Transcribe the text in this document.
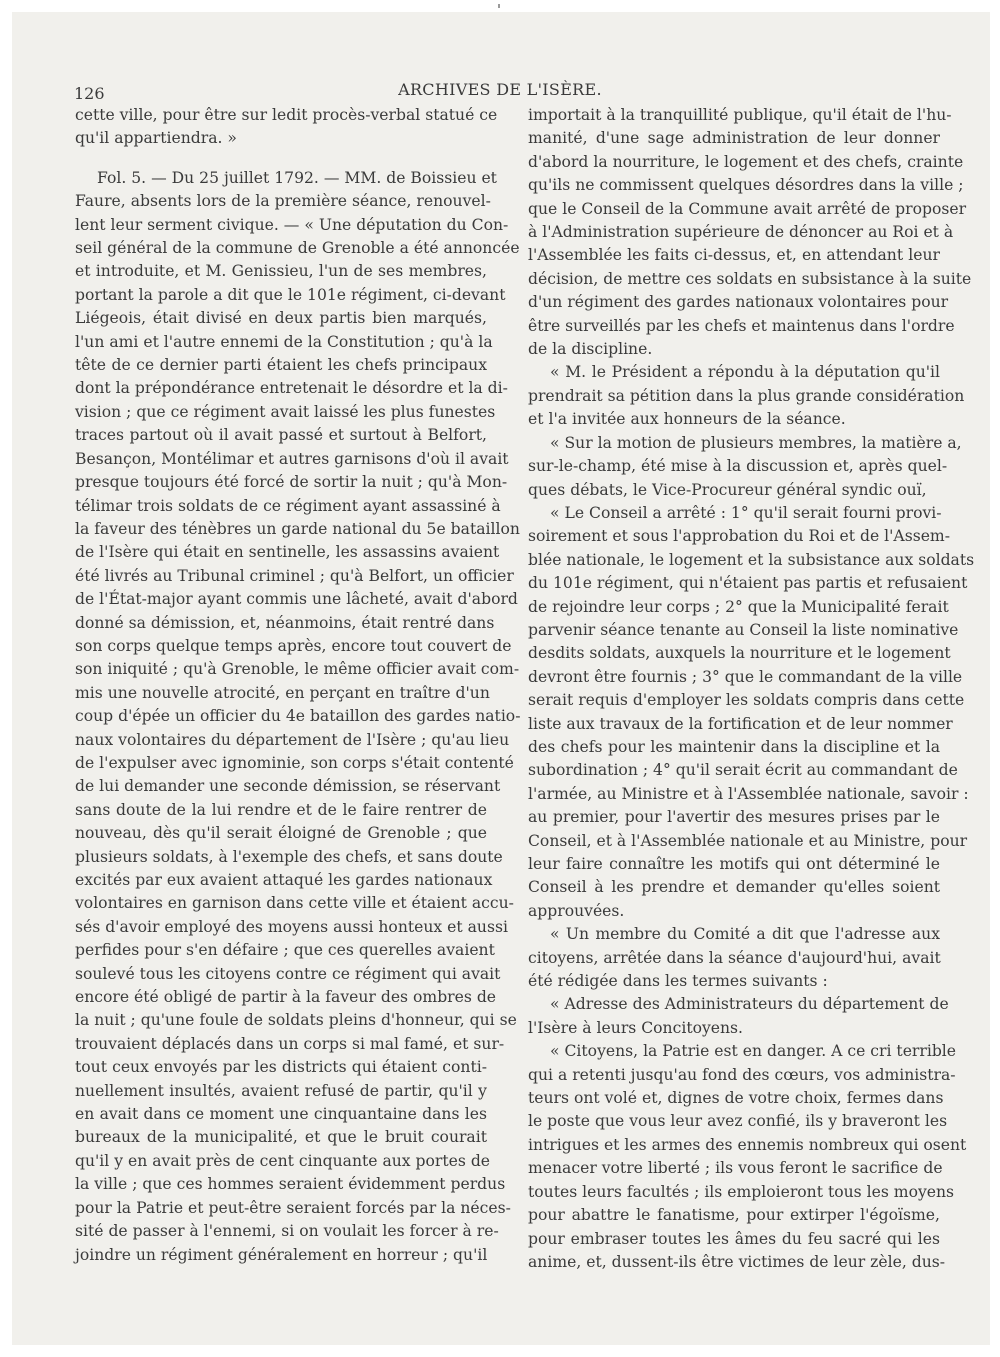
126	ARCHIVES DE L'ISÈRE.
cette ville, pour être sur ledit procès-verbal statué ce
qu'il appartiendra. »
Fol. 5. — Du 25 juillet 1792. — MM. de Boissieu et
Faure, absents lors de la première séance, renouvel-
lent leur serment civique. — « Une députation du Con-
seil général de la commune de Grenoble a été annoncée
et introduite, et M. Genissieu, l'un de ses membres,
portant la parole a dit que le 101e régiment, ci-devant
Liégeois, était divisé en deux partis bien marqués,
l'un ami et l'autre ennemi de la Constitution ; qu'à la
tête de ce dernier parti étaient les chefs principaux
dont la prépondérance entretenait le désordre et la di-
vision ; que ce régiment avait laissé les plus funestes
traces partout où il avait passé et surtout à Belfort,
Besançon, Montélimar et autres garnisons d'où il avait
presque toujours été forcé de sortir la nuit ; qu'à Mon-
télimar trois soldats de ce régiment ayant assassiné à
la faveur des ténèbres un garde national du 5e bataillon
de l'Isère qui était en sentinelle, les assassins avaient
été livrés au Tribunal criminel ; qu'à Belfort, un officier
de l'État-major ayant commis une lâcheté, avait d'abord
donné sa démission, et, néanmoins, était rentré dans
son corps quelque temps après, encore tout couvert de
son iniquité ; qu'à Grenoble, le même officier avait com-
mis une nouvelle atrocité, en perçant en traître d'un
coup d'épée un officier du 4e bataillon des gardes natio-
naux volontaires du département de l'Isère ; qu'au lieu
de l'expulser avec ignominie, son corps s'était contenté
de lui demander une seconde démission, se réservant
sans doute de la lui rendre et de le faire rentrer de
nouveau, dès qu'il serait éloigné de Grenoble ; que
plusieurs soldats, à l'exemple des chefs, et sans doute
excités par eux avaient attaqué les gardes nationaux
volontaires en garnison dans cette ville et étaient accu-
sés d'avoir employé des moyens aussi honteux et aussi
perfides pour s'en défaire ; que ces querelles avaient
soulevé tous les citoyens contre ce régiment qui avait
encore été obligé de partir à la faveur des ombres de
la nuit ; qu'une foule de soldats pleins d'honneur, qui se
trouvaient déplacés dans un corps si mal famé, et sur-
tout ceux envoyés par les districts qui étaient conti-
nuellement insultés, avaient refusé de partir, qu'il y
en avait dans ce moment une cinquantaine dans les
bureaux de la municipalité, et que le bruit courait
qu'il y en avait près de cent cinquante aux portes de
la ville ; que ces hommes seraient évidemment perdus
pour la Patrie et peut-être seraient forcés par la néces-
sité de passer à l'ennemi, si on voulait les forcer à re-
joindre un régiment généralement en horreur ; qu'il
importait à la tranquillité publique, qu'il était de l'hu-
manité, d'une sage administration de leur donner
d'abord la nourriture, le logement et des chefs, crainte
qu'ils ne commissent quelques désordres dans la ville ;
que le Conseil de la Commune avait arrêté de proposer
à l'Administration supérieure de dénoncer au Roi et à
l'Assemblée les faits ci-dessus, et, en attendant leur
décision, de mettre ces soldats en subsistance à la suite
d'un régiment des gardes nationaux volontaires pour
être surveillés par les chefs et maintenus dans l'ordre
de la discipline.
« M. le Président a répondu à la députation qu'il
prendrait sa pétition dans la plus grande considération
et l'a invitée aux honneurs de la séance.
« Sur la motion de plusieurs membres, la matière a,
sur-le-champ, été mise à la discussion et, après quel-
ques débats, le Vice-Procureur général syndic ouï,
« Le Conseil a arrêté : 1° qu'il serait fourni provi-
soirement et sous l'approbation du Roi et de l'Assem-
blée nationale, le logement et la subsistance aux soldats
du 101e régiment, qui n'étaient pas partis et refusaient
de rejoindre leur corps ; 2° que la Municipalité ferait
parvenir séance tenante au Conseil la liste nominative
desdits soldats, auxquels la nourriture et le logement
devront être fournis ; 3° que le commandant de la ville
serait requis d'employer les soldats compris dans cette
liste aux travaux de la fortification et de leur nommer
des chefs pour les maintenir dans la discipline et la
subordination ; 4° qu'il serait écrit au commandant de
l'armée, au Ministre et à l'Assemblée nationale, savoir :
au premier, pour l'avertir des mesures prises par le
Conseil, et à l'Assemblée nationale et au Ministre, pour
leur faire connaître les motifs qui ont déterminé le
Conseil à les prendre et demander qu'elles soient
approuvées.
« Un membre du Comité a dit que l'adresse aux
citoyens, arrêtée dans la séance d'aujourd'hui, avait
été rédigée dans les termes suivants :
« Adresse des Administrateurs du département de
l'Isère à leurs Concitoyens.
« Citoyens, la Patrie est en danger. A ce cri terrible
qui a retenti jusqu'au fond des cœurs, vos administra-
teurs ont volé et, dignes de votre choix, fermes dans
le poste que vous leur avez confié, ils y braveront les
intrigues et les armes des ennemis nombreux qui osent
menacer votre liberté ; ils vous feront le sacrifice de
toutes leurs facultés ; ils emploieront tous les moyens
pour abattre le fanatisme, pour extirper l'égoïsme,
pour embraser toutes les âmes du feu sacré qui les
anime, et, dussent-ils être victimes de leur zèle, dus-
